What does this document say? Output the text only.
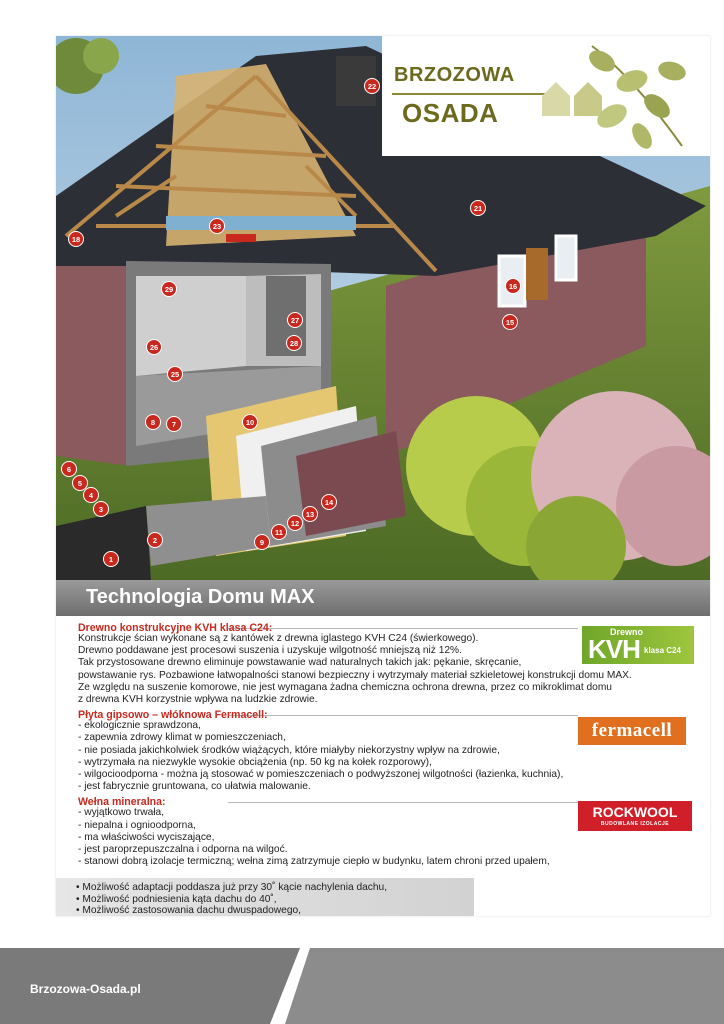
1
2
3
4
5
6
7
8	10
11
12
13
14
15
16
18
21
22
23
25
26
27
28
29
9
BRZOZOWA
OSADA
Technologia Domu MAX
Drewno konstrukcyjne KVH klasa C24:
Konstrukcje ścian wykonane są z kantówek z drewna iglastego KVH C24 (świerkowego).
Drewno poddawane jest procesowi suszenia i uzyskuje wilgotność mniejszą niż 12%.
Tak przystosowane drewno eliminuje powstawanie wad naturalnych takich jak: pękanie, skręcanie,
powstawanie rys. Pozbawione łatwopalności stanowi bezpieczny i wytrzymały materiał szkieletowej konstrukcji domu MAX.
Ze względu na suszenie komorowe, nie jest wymagana żadna chemiczna ochrona drewna, przez co mikroklimat domu
z drewna KVH korzystnie wpływa na ludzkie zdrowie.
Płyta gipsowo – włóknowa Fermacell:
- ekologicznie sprawdzona,
- zapewnia zdrowy klimat w pomieszczeniach,
- nie posiada jakichkolwiek środków wiążących, które miałyby niekorzystny wpływ na zdrowie,
- wytrzymała na niezwykle wysokie obciążenia (np. 50 kg na kołek rozporowy),
- wilgocioodporna - można ją stosować w pomieszczeniach o podwyższonej wilgotności (łazienka, kuchnia),
- jest fabrycznie gruntowana, co ułatwia malowanie.
Wełna mineralna:
- wyjątkowo trwała,
- niepalna i ognioodporna,
- ma właściwości wyciszające,
- jest paroprzepuszczalna i odporna na wilgoć.
- stanowi dobrą izolacje termiczną; wełna zimą zatrzymuje ciepło w budynku, latem chroni przed upałem,
Drewno
KVH klasa C24
fermacell
ROCKWOOL
BUDOWLANE IZOLACJE
• Możliwość adaptacji poddasza już przy 30˚ kącie nachylenia dachu,
• Możliwość podniesienia kąta dachu do 40˚,
• Możliwość zastosowania dachu dwuspadowego,
Brzozowa-Osada.pl
